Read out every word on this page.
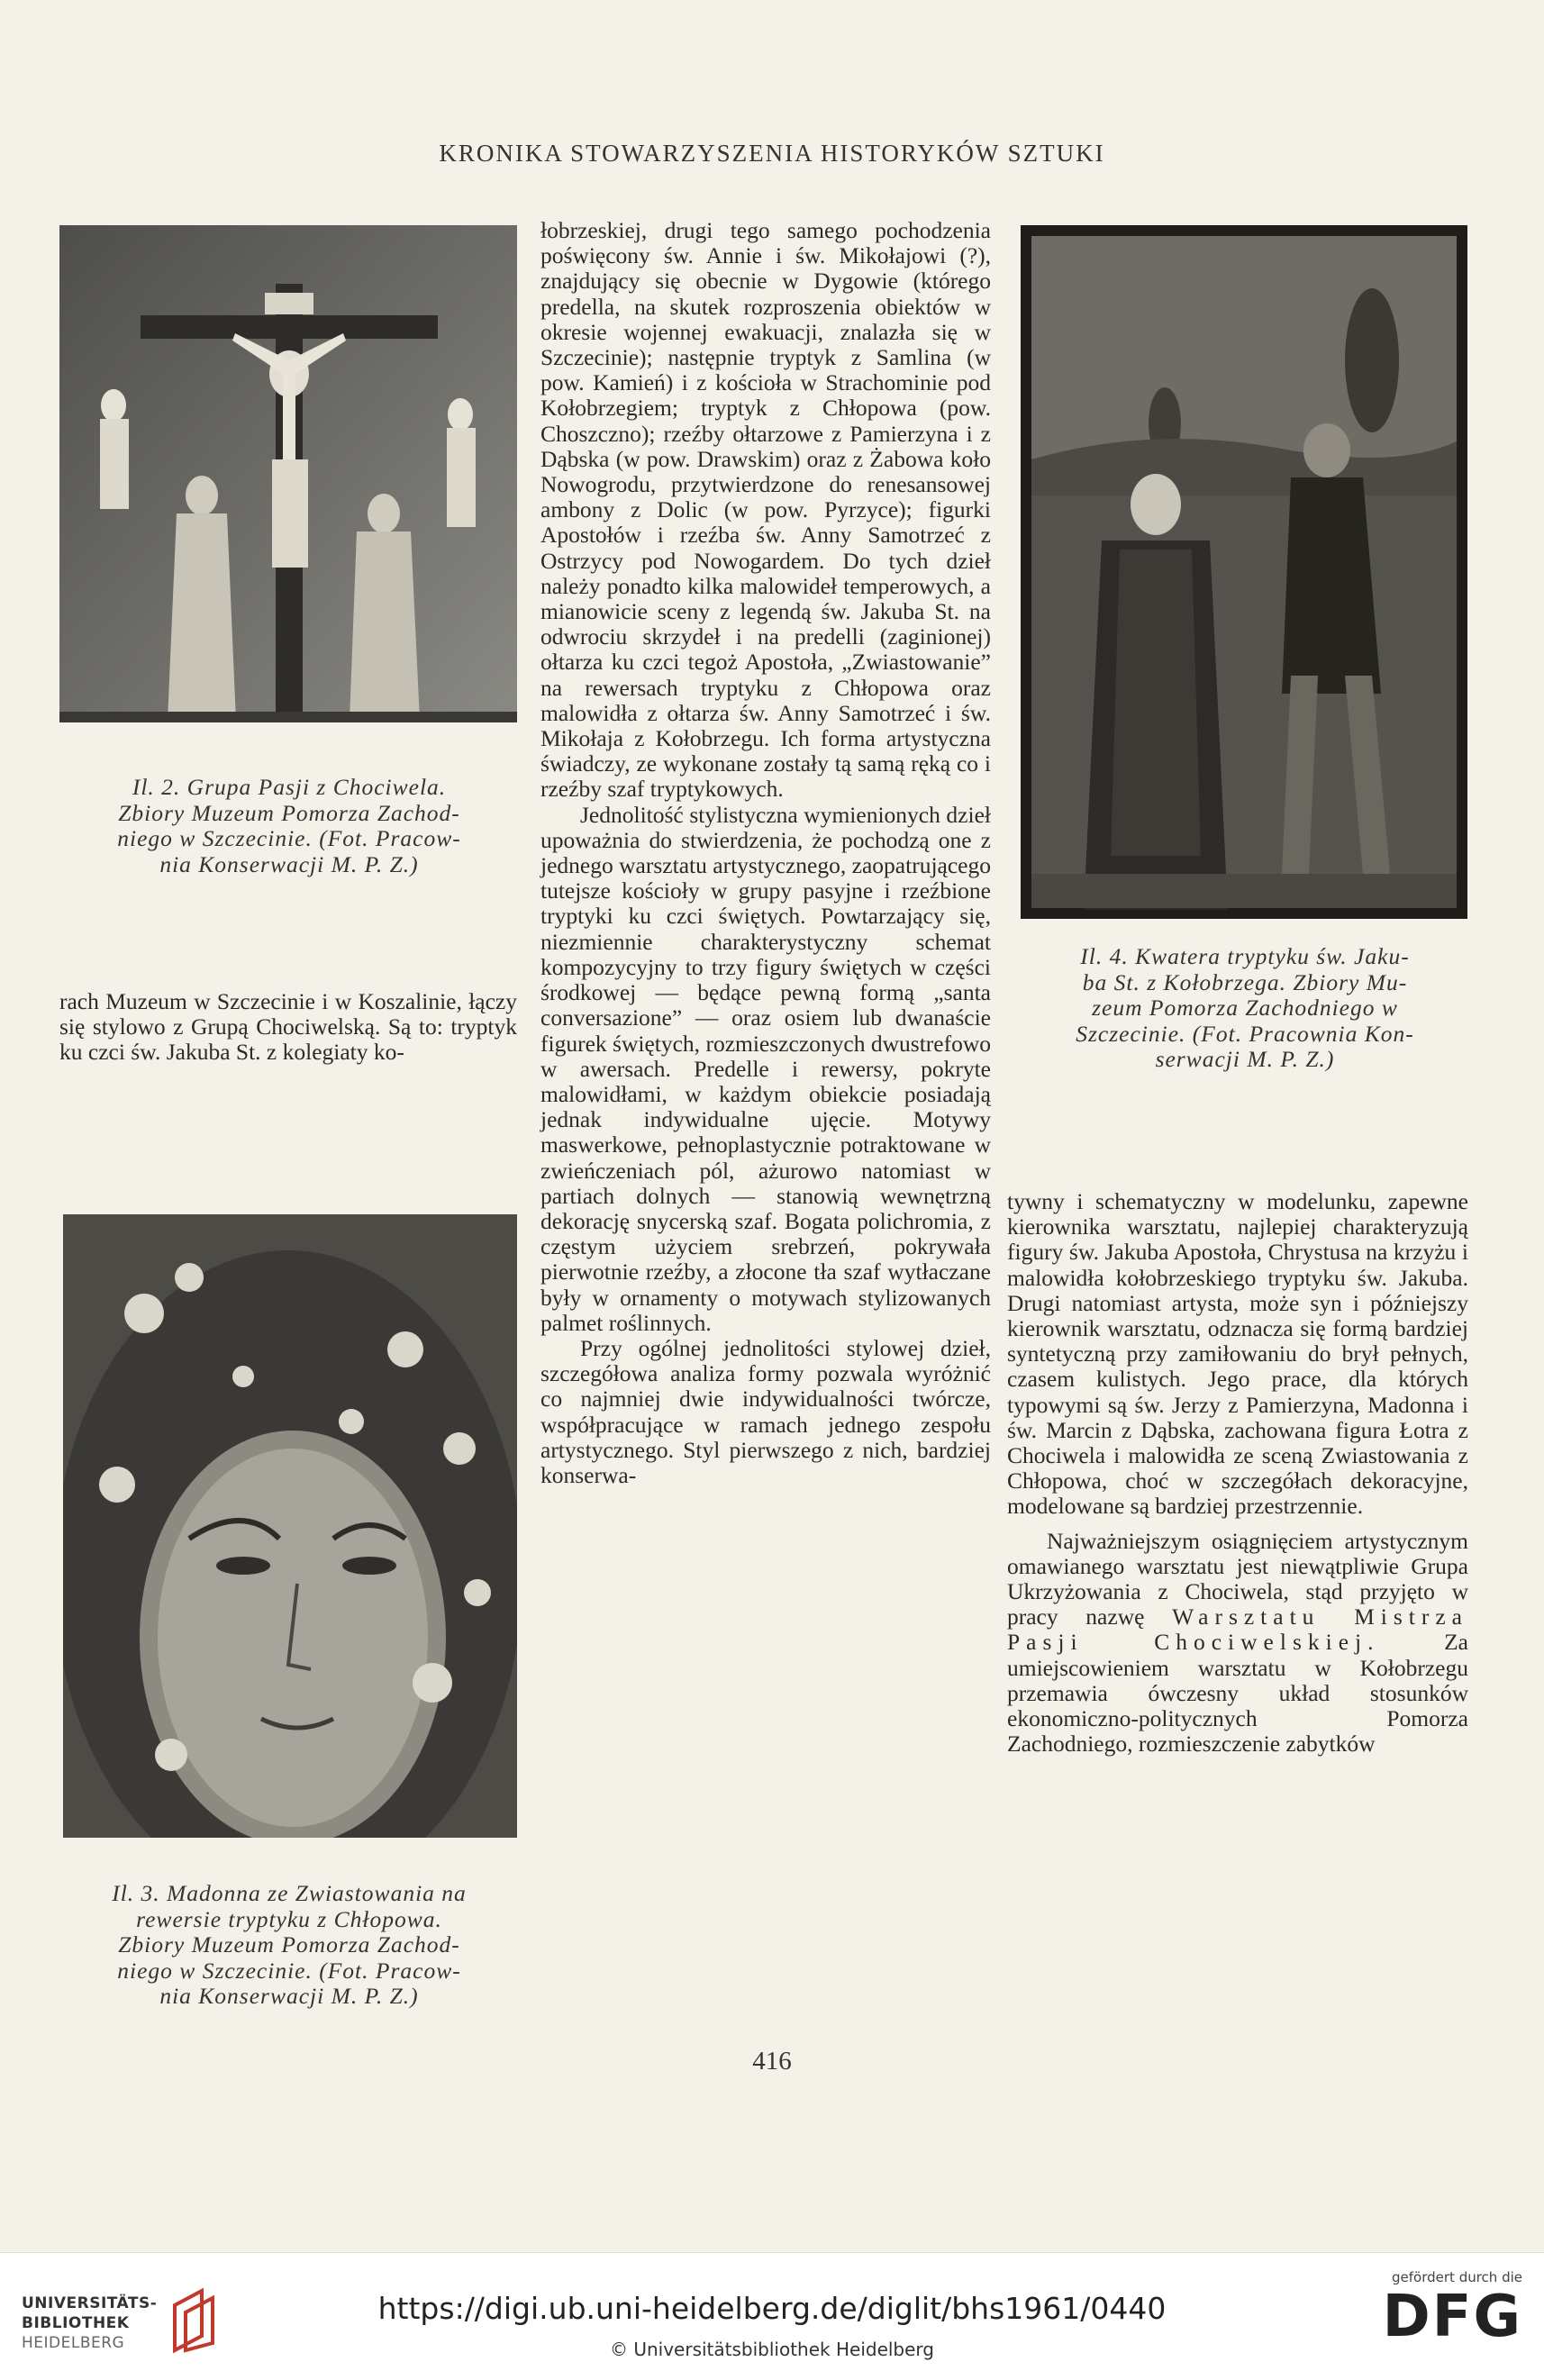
KRONIKA STOWARZYSZENIA HISTORYKÓW SZTUKI
Il. 2. Grupa Pasji z Chociwela.
Zbiory Muzeum Pomorza Zachod-
niego w Szczecinie. (Fot. Pracow-
nia Konserwacji M. P. Z.)

rach Muzeum w Szczecinie i w Koszalinie, łączy się stylowo z Grupą Chociwelską. Są to: tryptyk ku czci św. Jakuba St. z kolegiaty ko-

Il. 3. Madonna ze Zwiastowania na
rewersie tryptyku z Chłopowa.
Zbiory Muzeum Pomorza Zachod-
niego w Szczecinie. (Fot. Pracow-
nia Konserwacji M. P. Z.)

łobrzeskiej, drugi tego samego pochodzenia poświęcony św. Annie i św. Mikołajowi (?), znajdujący się obecnie w Dygowie (którego predella, na skutek rozproszenia obiektów w okresie wojennej ewakuacji, znalazła się w Szczecinie); następnie tryptyk z Samlina (w pow. Kamień) i z kościoła w Strachominie pod Kołobrzegiem; tryptyk z Chłopowa (pow. Choszczno); rzeźby ołtarzowe z Pamierzyna i z Dąbska (w pow. Drawskim) oraz z Żabowa koło Nowogrodu, przytwierdzone do renesansowej ambony z Dolic (w pow. Pyrzyce); figurki Apostołów i rzeźba św. Anny Samotrzeć z Ostrzycy pod Nowogardem. Do tych dzieł należy ponadto kilka malowideł temperowych, a mianowicie sceny z legendą św. Jakuba St. na odwrociu skrzydeł i na predelli (zaginionej) ołtarza ku czci tegoż Apostoła, „Zwiastowanie” na rewersach tryptyku z Chłopowa oraz malowidła z ołtarza św. Anny Samotrzeć i św. Mikołaja z Kołobrzegu. Ich forma artystyczna świadczy, ze wykonane zostały tą samą ręką co i rzeźby szaf tryptykowych.

Jednolitość stylistyczna wymienionych dzieł upoważnia do stwierdzenia, że pochodzą one z jednego warsztatu artystycznego, zaopatrującego tutejsze kościoły w grupy pasyjne i rzeźbione tryptyki ku czci świętych. Powtarzający się, niezmiennie charakterystyczny schemat kompozycyjny to trzy figury świętych w części środkowej — będące pewną formą „santa conversazione” — oraz osiem lub dwanaście figurek świętych, rozmieszczonych dwustrefowo w awersach. Predelle i rewersy, pokryte malowidłami, w każdym obiekcie posiadają jednak indywidualne ujęcie. Motywy maswerkowe, pełnoplastycznie potraktowane w zwieńczeniach pól, ażurowo natomiast w partiach dolnych — stanowią wewnętrzną dekorację snycerską szaf. Bogata polichromia, z częstym użyciem srebrzeń, pokrywała pierwotnie rzeźby, a złocone tła szaf wytłaczane były w ornamenty o motywach stylizowanych palmet roślinnych.

Przy ogólnej jednolitości stylowej dzieł, szczegółowa analiza formy pozwala wyróżnić co najmniej dwie indywidualności twórcze, współpracujące w ramach jednego zespołu artystycznego. Styl pierwszego z nich, bardziej konserwa-

Il. 4. Kwatera tryptyku św. Jaku-
ba St. z Kołobrzega. Zbiory Mu-
zeum Pomorza Zachodniego w
Szczecinie. (Fot. Pracownia Kon-
serwacji M. P. Z.)

tywny i schematyczny w modelunku, zapewne kierownika warsztatu, najlepiej charakteryzują figury św. Jakuba Apostoła, Chrystusa na krzyżu i malowidła kołobrzeskiego tryptyku św. Jakuba. Drugi natomiast artysta, może syn i późniejszy kierownik warsztatu, odznacza się formą bardziej syntetyczną przy zamiłowaniu do brył pełnych, czasem kulistych. Jego prace, dla których typowymi są św. Jerzy z Pamierzyna, Madonna i św. Marcin z Dąbska, zachowana figura Łotra z Chociwela i malowidła ze sceną Zwiastowania z Chłopowa, choć w szczegółach dekoracyjne, modelowane są bardziej przestrzennie.

Najważniejszym osiągnięciem artystycznym omawianego warsztatu jest niewątpliwie Grupa Ukrzyżowania z Chociwela, stąd przyjęto w pracy nazwę Warsztatu Mistrza Pasji Chociwelskiej. Za umiejscowieniem warsztatu w Kołobrzegu przemawia ówczesny układ stosunków ekonomiczno-politycznych Pomorza Zachodniego, rozmieszczenie zabytków

416
UNIVERSITÄTS-
BIBLIOTHEK
HEIDELBERG
https://digi.ub.uni-heidelberg.de/diglit/bhs1961/0440
© Universitätsbibliothek Heidelberg
gefördert durch die
DFG
